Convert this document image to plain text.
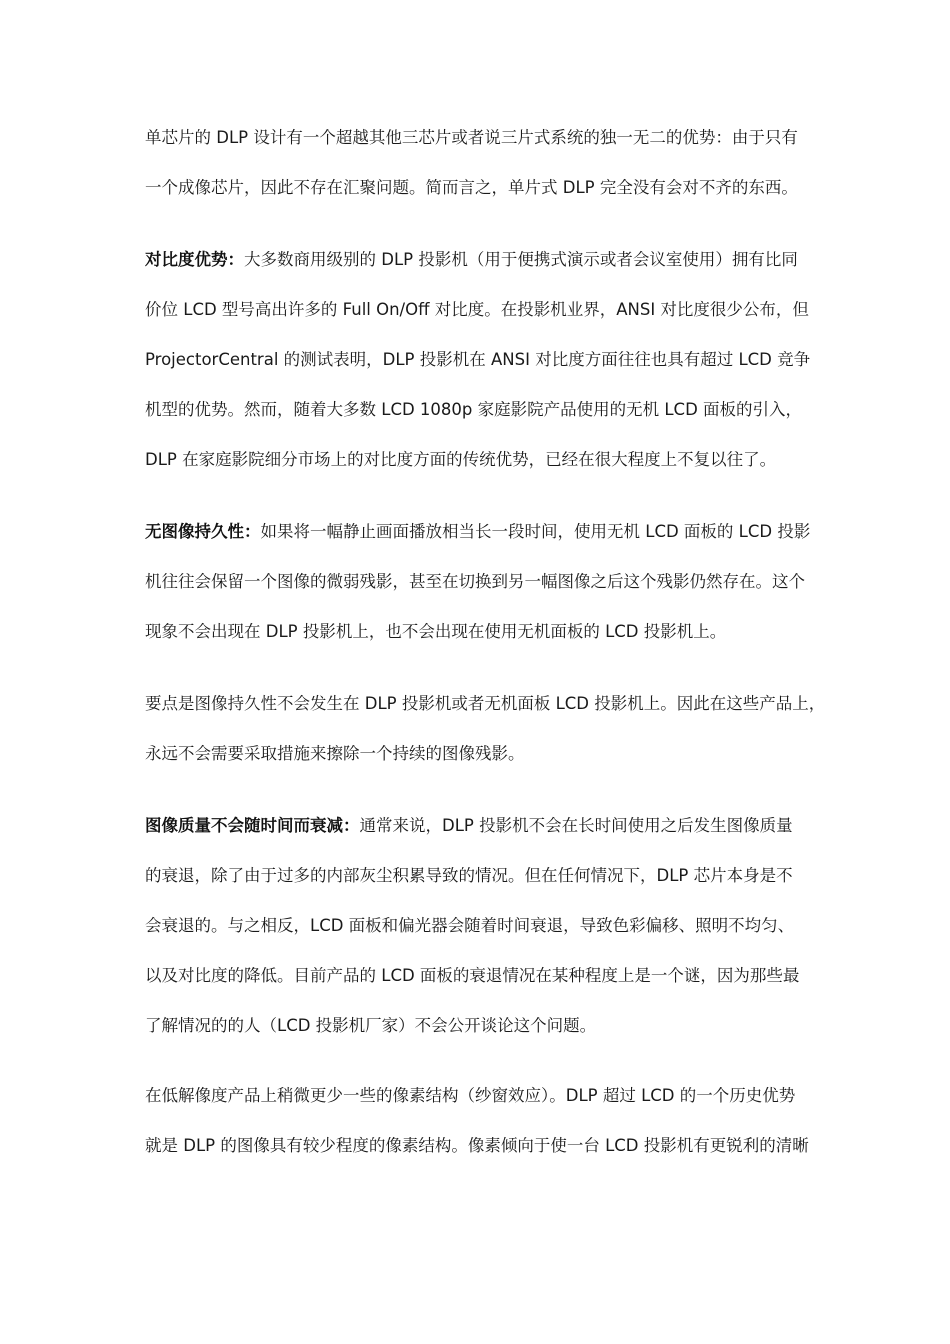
单芯片的 DLP 设计有一个超越其他三芯片或者说三片式系统的独一无二的优势：由于只有
一个成像芯片，因此不存在汇聚问题。简而言之，单片式 DLP 完全没有会对不齐的东西。
对比度优势：大多数商用级别的 DLP 投影机（用于便携式演示或者会议室使用）拥有比同
价位 LCD 型号高出许多的 Full On/Off 对比度。在投影机业界，ANSI 对比度很少公布，但
ProjectorCentral 的测试表明，DLP 投影机在 ANSI 对比度方面往往也具有超过 LCD 竞争
机型的优势。然而，随着大多数 LCD 1080p 家庭影院产品使用的无机 LCD 面板的引入，
DLP 在家庭影院细分市场上的对比度方面的传统优势，已经在很大程度上不复以往了。
无图像持久性：如果将一幅静止画面播放相当长一段时间，使用无机 LCD 面板的 LCD 投影
机往往会保留一个图像的微弱残影，甚至在切换到另一幅图像之后这个残影仍然存在。这个
现象不会出现在 DLP 投影机上，也不会出现在使用无机面板的 LCD 投影机上。
要点是图像持久性不会发生在 DLP 投影机或者无机面板 LCD 投影机上。因此在这些产品上，
永远不会需要采取措施来擦除一个持续的图像残影。
图像质量不会随时间而衰减：通常来说，DLP 投影机不会在长时间使用之后发生图像质量
的衰退，除了由于过多的内部灰尘积累导致的情况。但在任何情况下，DLP 芯片本身是不
会衰退的。与之相反，LCD 面板和偏光器会随着时间衰退，导致色彩偏移、照明不均匀、
以及对比度的降低。目前产品的 LCD 面板的衰退情况在某种程度上是一个谜，因为那些最
了解情况的的人（LCD 投影机厂家）不会公开谈论这个问题。
在低解像度产品上稍微更少一些的像素结构（纱窗效应）。DLP 超过 LCD 的一个历史优势
就是 DLP 的图像具有较少程度的像素结构。像素倾向于使一台 LCD 投影机有更锐利的清晰
